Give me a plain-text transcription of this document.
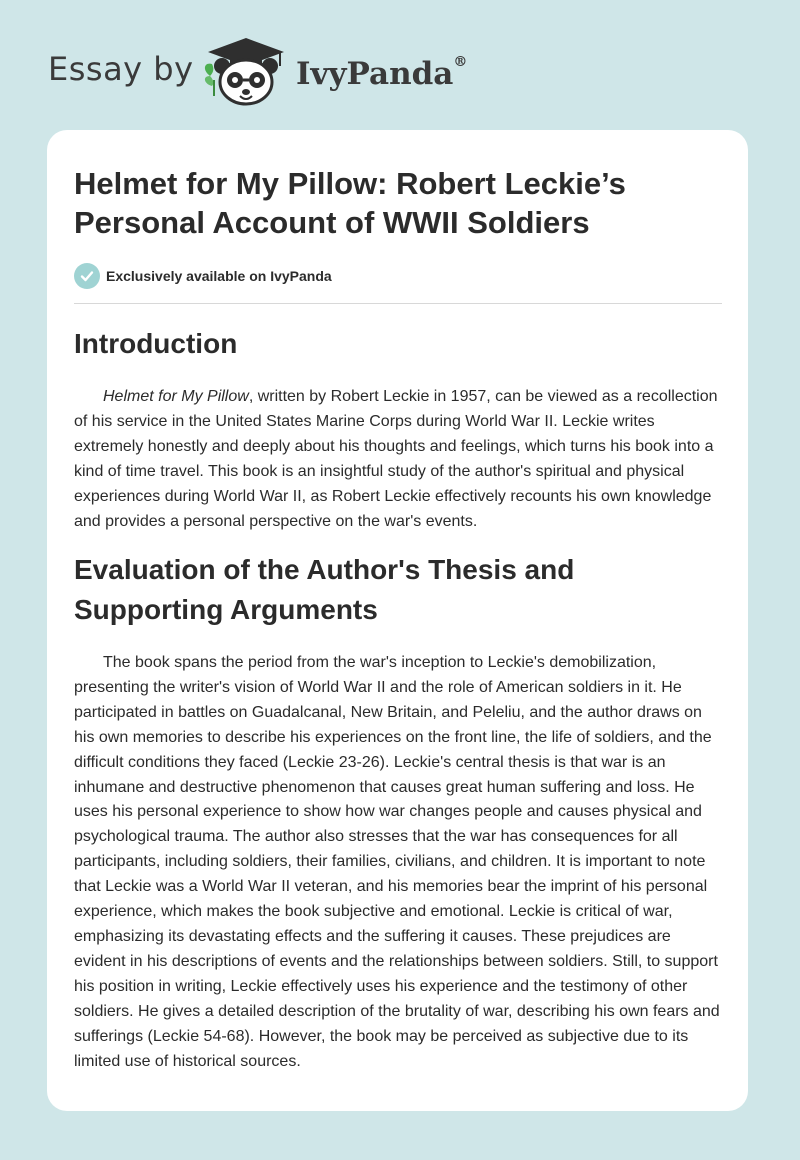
Essay by	IvyPanda®
Helmet for My Pillow: Robert Leckie’s Personal Account of WWII Soldiers
Exclusively available on IvyPanda
Introduction

Helmet for My Pillow, written by Robert Leckie in 1957, can be viewed as a recollection of his service in the United States Marine Corps during World War II. Leckie writes extremely honestly and deeply about his thoughts and feelings, which turns his book into a kind of time travel. This book is an insightful study of the author's spiritual and physical experiences during World War II, as Robert Leckie effectively recounts his own knowledge and provides a personal perspective on the war's events.

Evaluation of the Author's Thesis and Supporting Arguments

The book spans the period from the war's inception to Leckie's demobilization, presenting the writer's vision of World War II and the role of American soldiers in it. He participated in battles on Guadalcanal, New Britain, and Peleliu, and the author draws on his own memories to describe his experiences on the front line, the life of soldiers, and the difficult conditions they faced (Leckie 23-26). Leckie's central thesis is that war is an inhumane and destructive phenomenon that causes great human suffering and loss. He uses his personal experience to show how war changes people and causes physical and psychological trauma. The author also stresses that the war has consequences for all participants, including soldiers, their families, civilians, and children. It is important to note that Leckie was a World War II veteran, and his memories bear the imprint of his personal experience, which makes the book subjective and emotional. Leckie is critical of war, emphasizing its devastating effects and the suffering it causes. These prejudices are evident in his descriptions of events and the relationships between soldiers. Still, to support his position in writing, Leckie effectively uses his experience and the testimony of other soldiers. He gives a detailed description of the brutality of war, describing his own fears and sufferings (Leckie 54-68). However, the book may be perceived as subjective due to its limited use of historical sources.
